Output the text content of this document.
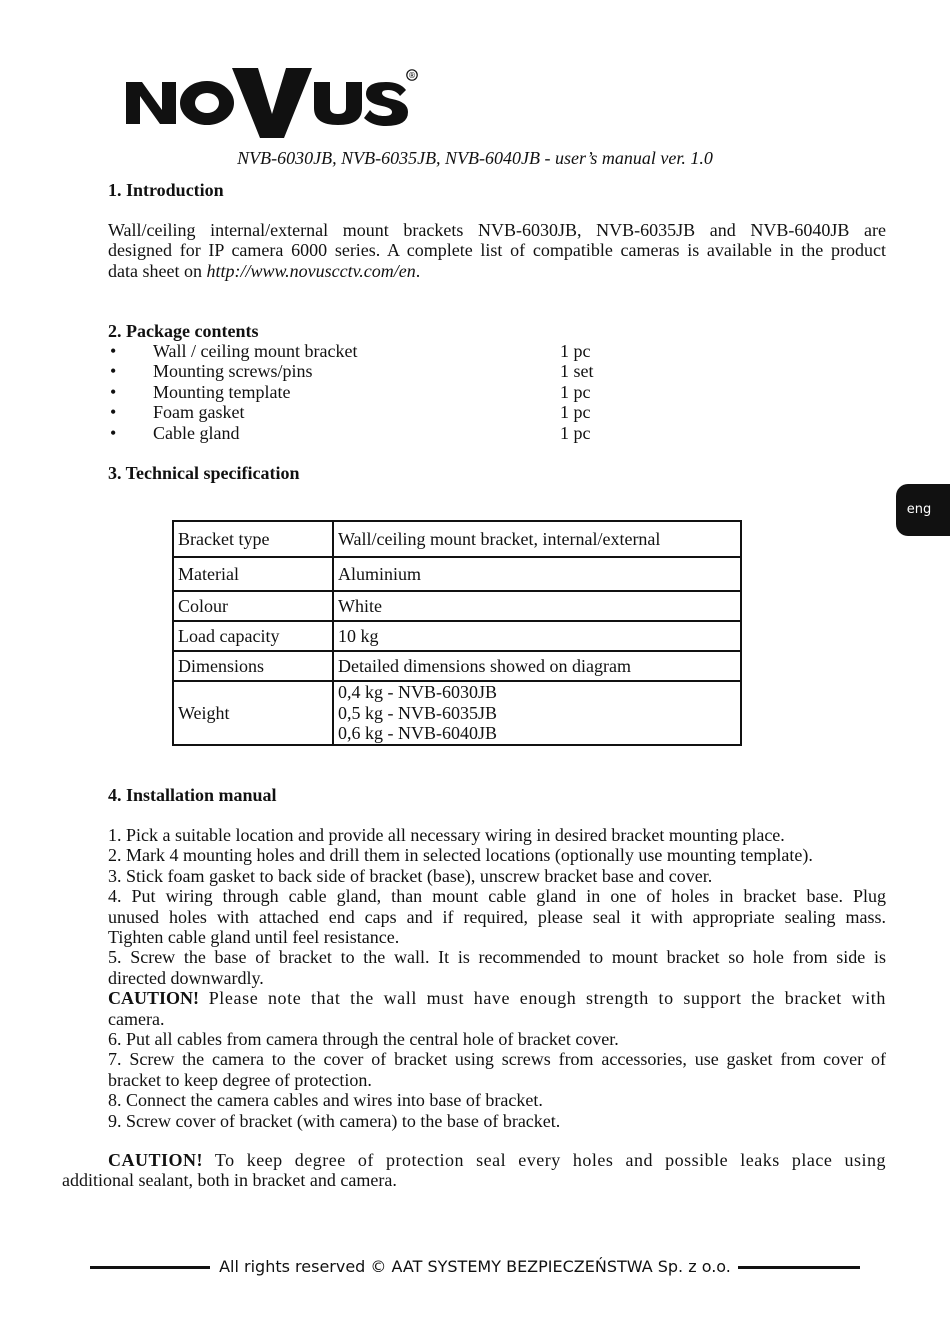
®
NVB-6030JB, NVB-6035JB, NVB-6040JB - user’s manual ver. 1.0
1. Introduction
Wall/ceiling internal/external mount brackets NVB-6030JB, NVB-6035JB and NVB-6040JB are
designed for IP camera 6000 series. A complete list of compatible cameras is available in the product
data sheet on http://www.novuscctv.com/en.
2. Package contents
•	Wall / ceiling mount bracket	1 pc
•	Mounting screws/pins	1 set
•	Mounting template	1 pc
•	Foam gasket	1 pc
•	Cable gland	1 pc
3. Technical specification
Bracket type	Wall/ceiling mount bracket, internal/external
Material	Aluminium
Colour	White
Load capacity	10 kg
Dimensions	Detailed dimensions showed on diagram
Weight	0,4 kg - NVB-6030JB
0,5 kg - NVB-6035JB
0,6 kg - NVB-6040JB
4. Installation manual
1. Pick a suitable location and provide all necessary wiring in desired bracket mounting place.
2. Mark 4 mounting holes and drill them in selected locations (optionally use mounting template).
3. Stick foam gasket to back side of bracket (base), unscrew bracket base and cover.
4. Put wiring through cable gland, than mount cable gland in one of holes in bracket base. Plug
unused holes with attached end caps and if required, please seal it with appropriate sealing mass.
Tighten cable gland until feel resistance.
5. Screw the base of bracket to the wall. It is recommended to mount bracket so hole from side is
directed downwardly.
CAUTION! Please note that the wall must have enough strength to support the bracket with
camera.
6. Put all cables from camera through the central hole of bracket cover.
7. Screw the camera to the cover of bracket using screws from accessories, use gasket from cover of
bracket to keep degree of protection.
8. Connect the camera cables and wires into base of bracket.
9. Screw cover of bracket (with camera) to the base of bracket.
CAUTION! To keep degree of protection seal every holes and possible leaks place using
additional sealant, both in bracket and camera.
eng
All rights reserved © AAT SYSTEMY BEZPIECZEŃSTWA Sp. z o.o.
